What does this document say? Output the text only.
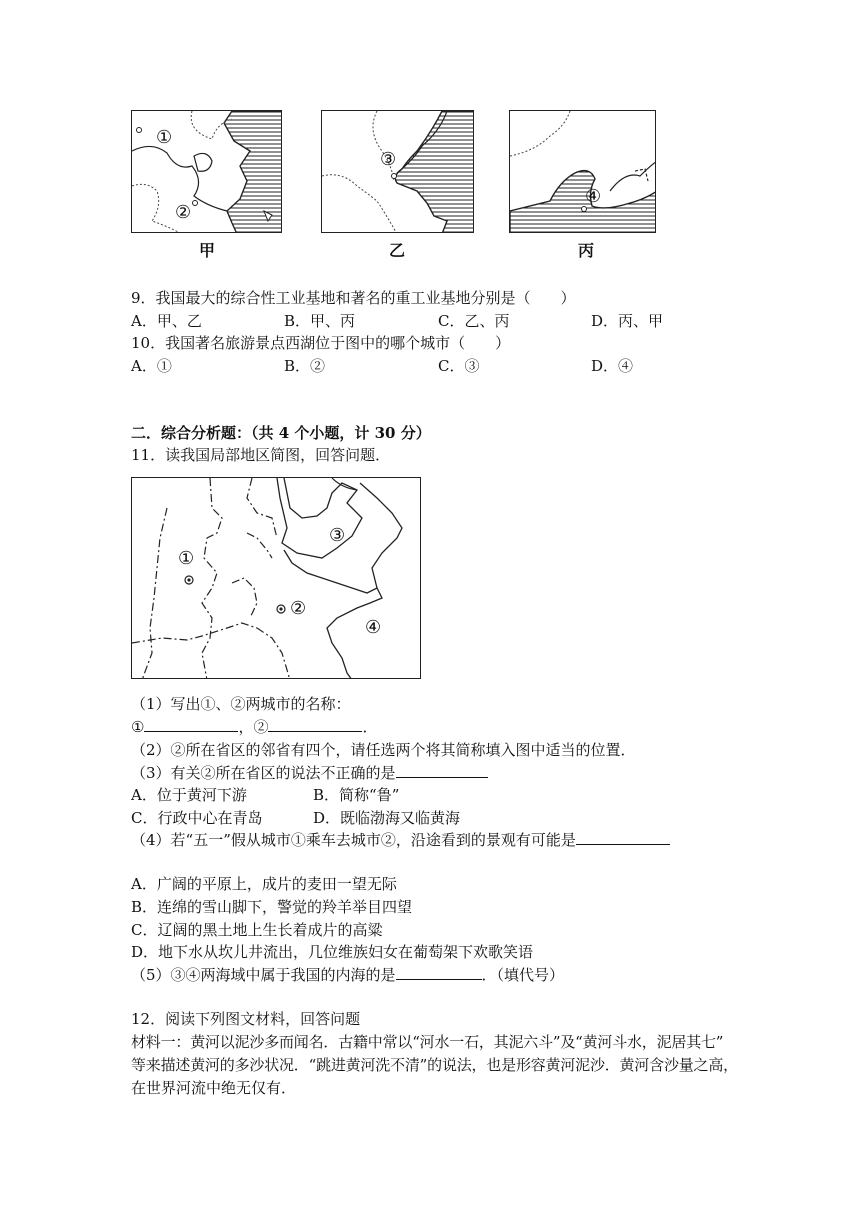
①
②
甲
③
乙
④
丙
9．我国最大的综合性工业基地和著名的重工业基地分别是（　　）
A．甲、乙	B．甲、丙	C．乙、丙	D．丙、甲
10．我国著名旅游景点西湖位于图中的哪个城市（　　）
A．①	B．②	C．③	D．④
二．综合分析题：（共 4 个小题，计 30 分）
11．读我国局部地区简图，回答问题．
①
②
③
④
（1）写出①、②两城市的名称：
①	，②	．
（2）②所在省区的邻省有四个，请任选两个将其简称填入图中适当的位置．
（3）有关②所在省区的说法不正确的是
A．位于黄河下游	B．简称“鲁”
C．行政中心在青岛	D．既临渤海又临黄海
（4）若“五一”假从城市①乘车去城市②，沿途看到的景观有可能是
A．广阔的平原上，成片的麦田一望无际
B．连绵的雪山脚下，警觉的羚羊举目四望
C．辽阔的黑土地上生长着成片的高粱
D．地下水从坎儿井流出，几位维族妇女在葡萄架下欢歌笑语
（5）③④两海域中属于我国的内海的是	．（填代号）
12．阅读下列图文材料，回答问题
材料一：黄河以泥沙多而闻名．古籍中常以“河水一石，其泥六斗”及“黄河斗水，泥居其七”
等来描述黄河的多沙状况．“跳进黄河洗不清”的说法，也是形容黄河泥沙．黄河含沙量之高，
在世界河流中绝无仅有．
